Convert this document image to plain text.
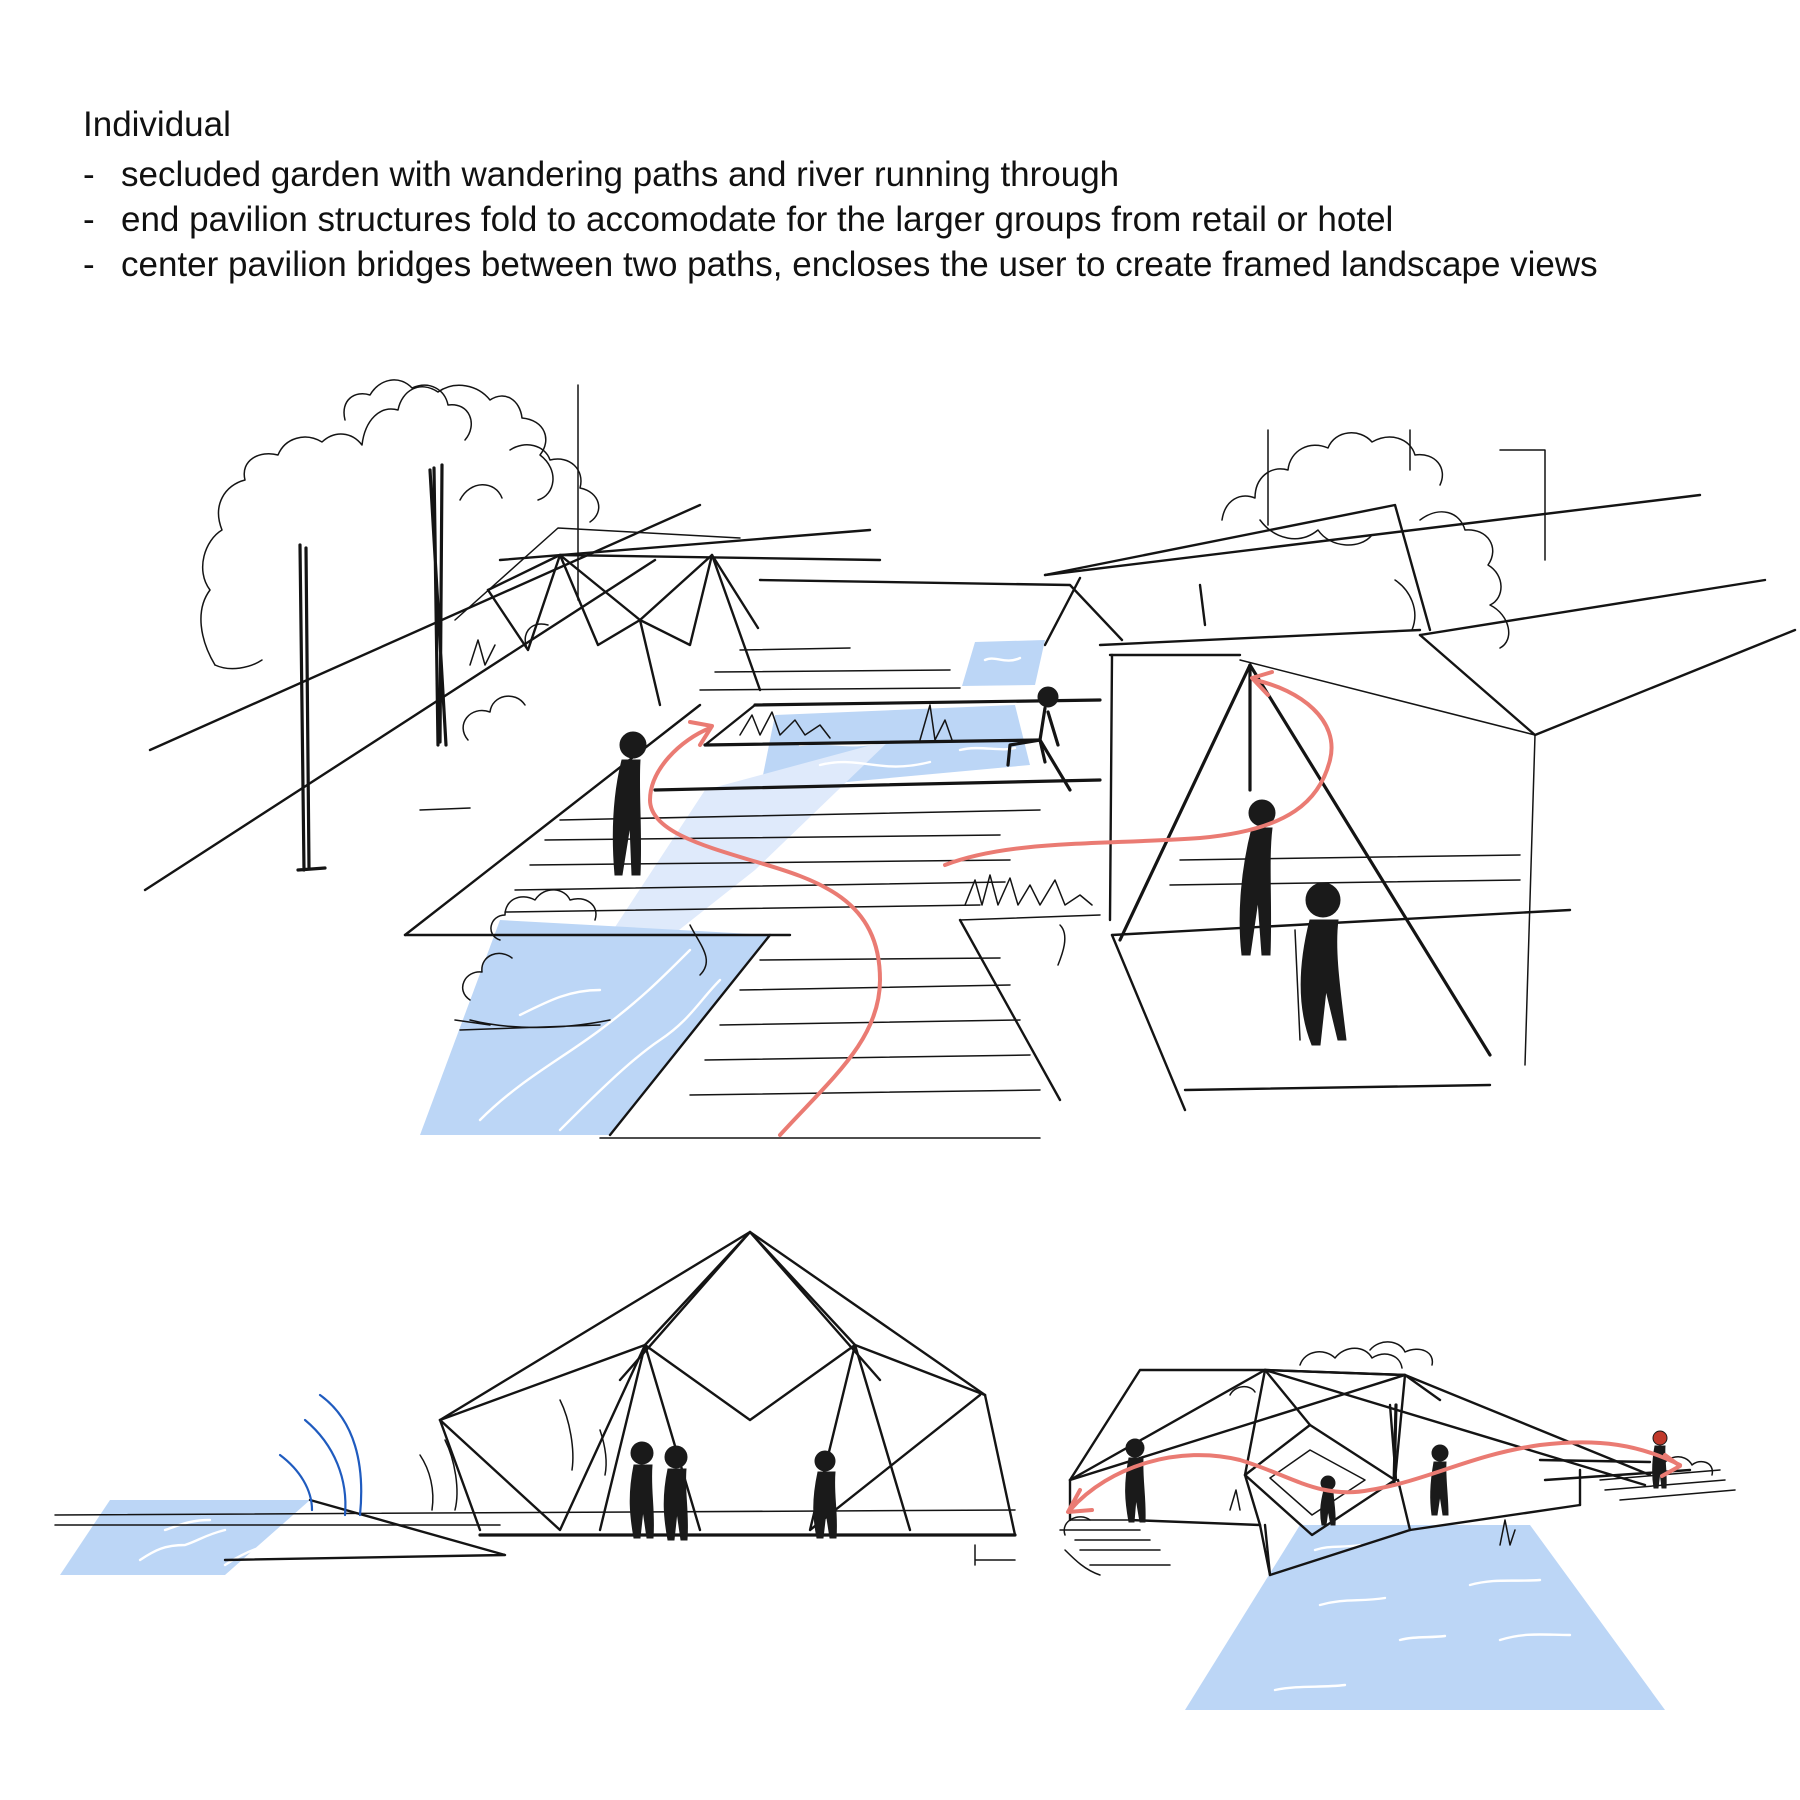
Individual
- secluded garden with wandering paths and river running through
- end pavilion structures fold to accomodate for the larger groups from retail or hotel
- center pavilion bridges between two paths, encloses the user to create framed landscape views
